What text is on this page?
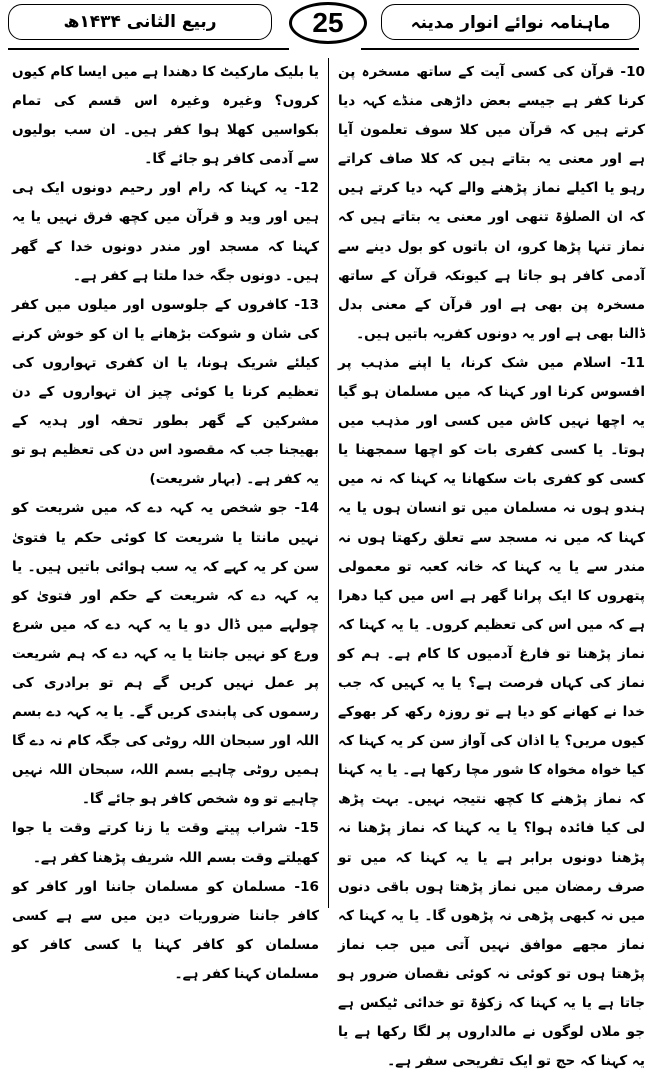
ربیع الثانی ۱۴۳۴ھ	25	ماہنامہ نوائے انوار مدینہ

10- قرآن کی کسی آیت کے ساتھ مسخرہ پن کرنا کفر ہے جیسے بعض داڑھی منڈے کہہ دیا کرتے ہیں کہ قرآن میں کلا سوف تعلمون آیا ہے اور معنی یہ بتاتے ہیں کہ کلا صاف کراتے رہو یا اکیلے نماز پڑھنے والے کہہ دیا کرتے ہیں کہ ان الصلوٰۃ تنھی اور معنی یہ بتاتے ہیں کہ نماز تنہا پڑھا کرو، ان باتوں کو بول دینے سے آدمی کافر ہو جاتا ہے کیونکہ قرآن کے ساتھ مسخرہ پن بھی ہے اور قرآن کے معنی بدل ڈالنا بھی ہے اور یہ دونوں کفریہ باتیں ہیں۔

11- اسلام میں شک کرنا، یا اپنے مذہب پر افسوس کرنا اور کہنا کہ میں مسلمان ہو گیا یہ اچھا نہیں کاش میں کسی اور مذہب میں ہوتا۔ یا کسی کفری بات کو اچھا سمجھنا یا کسی کو کفری بات سکھانا یہ کہنا کہ نہ میں ہندو ہوں نہ مسلمان میں تو انسان ہوں یا یہ کہنا کہ میں نہ مسجد سے تعلق رکھتا ہوں نہ مندر سے یا یہ کہنا کہ خانہ کعبہ تو معمولی پتھروں کا ایک پرانا گھر ہے اس میں کیا دھرا ہے کہ میں اس کی تعظیم کروں۔ یا یہ کہنا کہ نماز پڑھنا تو فارغ آدمیوں کا کام ہے۔ ہم کو نماز کی کہاں فرصت ہے؟ یا یہ کہیں کہ جب خدا نے کھانے کو دیا ہے تو روزہ رکھ کر بھوکے کیوں مریں؟ یا اذان کی آواز سن کر یہ کہنا کہ کیا خواہ مخواہ کا شور مچا رکھا ہے۔ یا یہ کہنا کہ نماز پڑھنے کا کچھ نتیجہ نہیں۔ بہت پڑھ لی کیا فائدہ ہوا؟ یا یہ کہنا کہ نماز پڑھنا نہ پڑھنا دونوں برابر ہے یا یہ کہنا کہ میں تو صرف رمضان میں نماز پڑھتا ہوں باقی دنوں میں نہ کبھی پڑھی نہ پڑھوں گا۔ یا یہ کہنا کہ نماز مجھے موافق نہیں آتی میں جب نماز پڑھتا ہوں تو کوئی نہ کوئی نقصان ضرور ہو جاتا ہے یا یہ کہنا کہ زکوٰۃ تو خدائی ٹیکس ہے جو ملاں لوگوں نے مالداروں پر لگا رکھا ہے یا یہ کہنا کہ حج تو ایک تفریحی سفر ہے۔

یا بلیک مارکیٹ کا دھندا ہے میں ایسا کام کیوں کروں؟ وغیرہ وغیرہ اس قسم کی تمام بکواسیں کھلا ہوا کفر ہیں۔ ان سب بولیوں سے آدمی کافر ہو جائے گا۔

12- یہ کہنا کہ رام اور رحیم دونوں ایک ہی ہیں اور وید و قرآن میں کچھ فرق نہیں یا یہ کہنا کہ مسجد اور مندر دونوں خدا کے گھر ہیں۔ دونوں جگہ خدا ملتا ہے کفر ہے۔

13- کافروں کے جلوسوں اور میلوں میں کفر کی شان و شوکت بڑھانے یا ان کو خوش کرنے کیلئے شریک ہونا، یا ان کفری تہواروں کی تعظیم کرنا یا کوئی چیز ان تہواروں کے دن مشرکین کے گھر بطور تحفہ اور ہدیہ کے بھیجنا جب کہ مقصود اس دن کی تعظیم ہو تو یہ کفر ہے۔ (بہار شریعت)

14- جو شخص یہ کہہ دے کہ میں شریعت کو نہیں مانتا یا شریعت کا کوئی حکم یا فتویٰ سن کر یہ کہے کہ یہ سب ہوائی باتیں ہیں۔ یا یہ کہہ دے کہ شریعت کے حکم اور فتویٰ کو چولہے میں ڈال دو یا یہ کہہ دے کہ میں شرع ورع کو نہیں جانتا یا یہ کہہ دے کہ ہم شریعت پر عمل نہیں کریں گے ہم تو برادری کی رسموں کی پابندی کریں گے۔ یا یہ کہہ دے بسم اللہ اور سبحان اللہ روٹی کی جگہ کام نہ دے گا ہمیں روٹی چاہیے بسم اللہ، سبحان اللہ نہیں چاہیے تو وہ شخص کافر ہو جائے گا۔

15- شراب پیتے وقت یا زنا کرتے وقت یا جوا کھیلتے وقت بسم اللہ شریف پڑھنا کفر ہے۔

16- مسلمان کو مسلمان جاننا اور کافر کو کافر جاننا ضروریات دین میں سے ہے کسی مسلمان کو کافر کہنا یا کسی کافر کو مسلمان کہنا کفر ہے۔
